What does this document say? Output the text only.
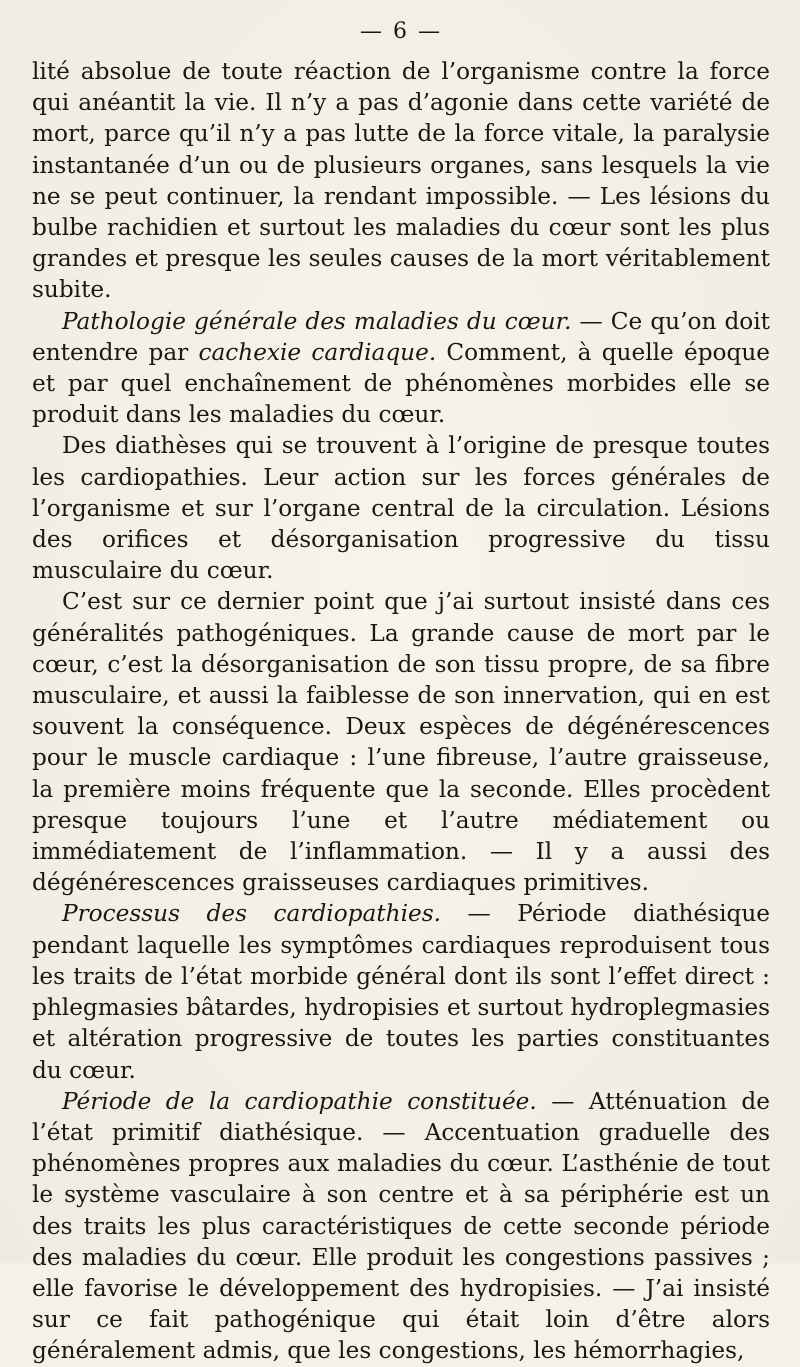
— 6 —

lité absolue de toute réaction de l’organisme contre la force qui anéantit la vie. Il n’y a pas d’agonie dans cette variété de mort, parce qu’il n’y a pas lutte de la force vitale, la paralysie instantanée d’un ou de plusieurs organes, sans lesquels la vie ne se peut continuer, la rendant impossible. — Les lésions du bulbe rachidien et surtout les maladies du cœur sont les plus grandes et presque les seules causes de la mort véritablement subite.

Pathologie générale des maladies du cœur. — Ce qu’on doit entendre par cachexie cardiaque. Comment, à quelle époque et par quel enchaînement de phénomènes morbides elle se produit dans les maladies du cœur.

Des diathèses qui se trouvent à l’origine de presque toutes les cardiopathies. Leur action sur les forces générales de l’organisme et sur l’organe central de la circulation. Lésions des orifices et désorganisation progressive du tissu musculaire du cœur.

C’est sur ce dernier point que j’ai surtout insisté dans ces généralités pathogéniques. La grande cause de mort par le cœur, c’est la désorganisation de son tissu propre, de sa fibre musculaire, et aussi la faiblesse de son innervation, qui en est souvent la conséquence. Deux espèces de dégénérescences pour le muscle cardiaque : l’une fibreuse, l’autre graisseuse, la première moins fréquente que la seconde. Elles procèdent presque toujours l’une et l’autre médiatement ou immédiatement de l’inflammation. — Il y a aussi des dégénérescences graisseuses cardiaques primitives.

Processus des cardiopathies. — Période diathésique pendant laquelle les symptômes cardiaques reproduisent tous les traits de l’état morbide général dont ils sont l’effet direct : phlegmasies bâtardes, hydropisies et surtout hydroplegmasies et altération progressive de toutes les parties constituantes du cœur.

Période de la cardiopathie constituée. — Atténuation de l’état primitif diathésique. — Accentuation graduelle des phénomènes propres aux maladies du cœur. L’asthénie de tout le système vasculaire à son centre et à sa périphérie est un des traits les plus caractéristiques de cette seconde période des maladies du cœur. Elle produit les congestions passives ; elle favorise le développement des hydropisies. — J’ai insisté sur ce fait pathogénique qui était loin d’être alors généralement admis, que les congestions, les hémorrhagies,
